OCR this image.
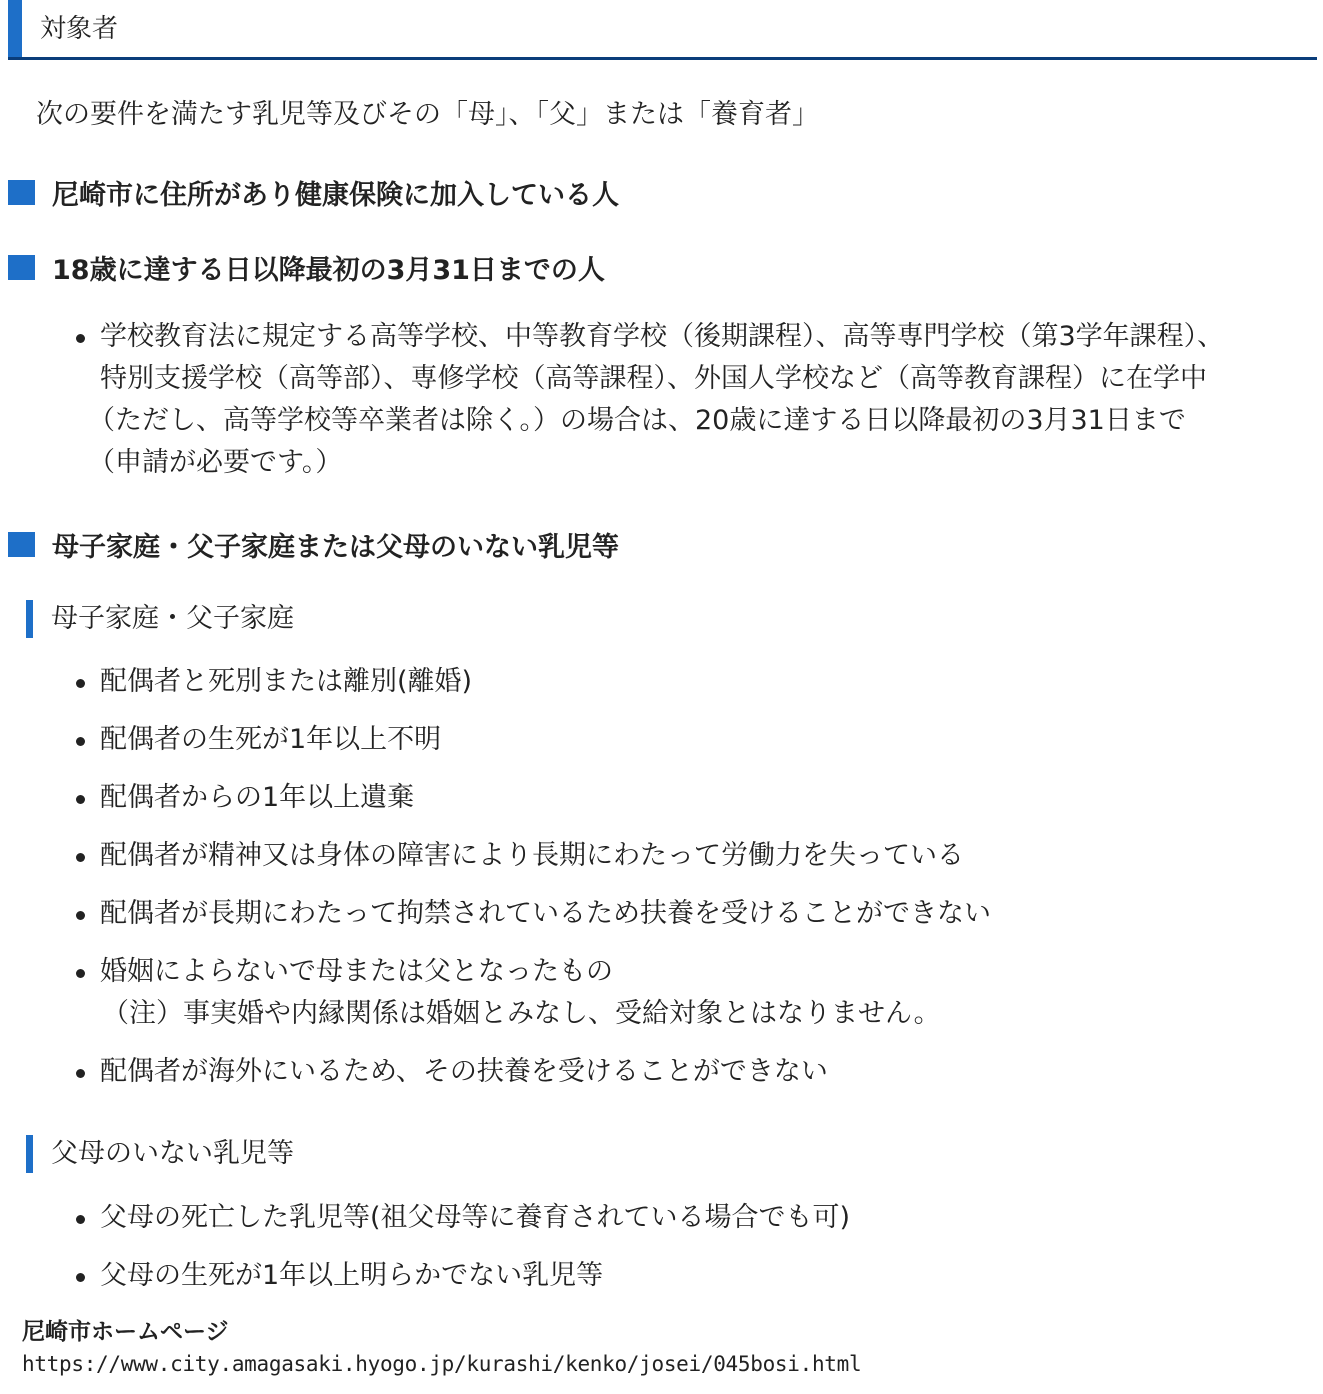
対象者
次の要件を満たす乳児等及びその「母」、「父」または「養育者」
尼崎市に住所があり健康保険に加入している人
18歳に達する日以降最初の3月31日までの人
学校教育法に規定する高等学校、中等教育学校（後期課程）、高等専門学校（第3学年課程）、
特別支援学校（高等部）、専修学校（高等課程）、外国人学校など（高等教育課程）に在学中
（ただし、高等学校等卒業者は除く。）の場合は、20歳に達する日以降最初の3月31日まで
（申請が必要です。）
母子家庭・父子家庭または父母のいない乳児等
母子家庭・父子家庭
配偶者と死別または離別(離婚)
配偶者の生死が1年以上不明
配偶者からの1年以上遺棄
配偶者が精神又は身体の障害により長期にわたって労働力を失っている
配偶者が長期にわたって拘禁されているため扶養を受けることができない
婚姻によらないで母または父となったもの
（注）事実婚や内縁関係は婚姻とみなし、受給対象とはなりません。
配偶者が海外にいるため、その扶養を受けることができない
父母のいない乳児等
父母の死亡した乳児等(祖父母等に養育されている場合でも可)
父母の生死が1年以上明らかでない乳児等
尼崎市ホームページ
https://www.city.amagasaki.hyogo.jp/kurashi/kenko/josei/045bosi.html
